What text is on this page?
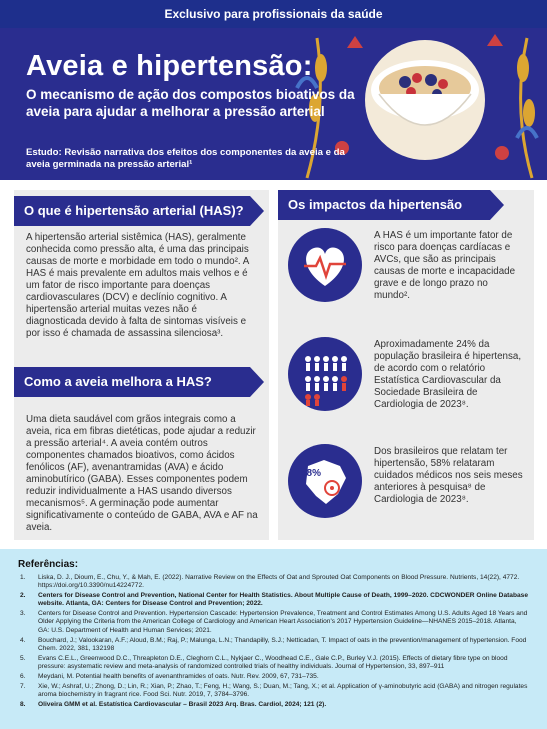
Exclusivo para profissionais da saúde
Aveia e hipertensão:
O mecanismo de ação dos compostos bioativos da aveia para ajudar a melhorar a pressão arterial
Estudo: Revisão narrativa dos efeitos dos componentes da aveia e da aveia germinada na pressão arterial¹
O que é hipertensão arterial (HAS)?
A hipertensão arterial sistêmica (HAS), geralmente conhecida como pressão alta, é uma das principais causas de morte e morbidade em todo o mundo². A HAS é mais prevalente em adultos mais velhos e é um fator de risco importante para doenças cardiovasculares (DCV) e declínio cognitivo. A hipertensão arterial muitas vezes não é diagnosticada devido à falta de sintomas visíveis e por isso é chamada de assassina silenciosa³.
Como a aveia melhora a HAS?
Uma dieta saudável com grãos integrais como a aveia, rica em fibras dietéticas, pode ajudar a reduzir a pressão arterial⁴. A aveia contém outros componentes chamados bioativos, como ácidos fenólicos (AF), avenantramidas (AVA) e ácido aminobutírico (GABA). Esses componentes podem reduzir individualmente a HAS usando diversos mecanismos⁵. A germinação pode aumentar significativamente o conteúdo de GABA, AVA e AF na aveia.
Os impactos da hipertensão
A HAS é um importante fator de risco para doenças cardíacas e AVCs, que são as principais causas de morte e incapacidade grave e de longo prazo no mundo².
Aproximadamente 24% da população brasileira é hipertensa, de acordo com o relatório Estatística Cardiovascular da Sociedade Brasileira de Cardiologia de 2023⁸.
58%
Dos brasileiros que relatam ter hipertensão, 58% relataram cuidados médicos nos seis meses anteriores à pesquisa⁸ de Cardiologia de 2023⁸.
Referências:
1. Liska, D. J., Dioum, E., Chu, Y., & Mah, E. (2022). Narrative Review on the Effects of Oat and Sprouted Oat Components on Blood Pressure. Nutrients, 14(22), 4772. https://doi.org/10.3390/nu14224772.
2. Centers for Disease Control and Prevention, National Center for Health Statistics. About Multiple Cause of Death, 1999–2020. CDCWONDER Online Database website. Atlanta, GA: Centers for Disease Control and Prevention; 2022.
3. Centers for Disease Control and Prevention. Hypertension Cascade: Hypertension Prevalence, Treatment and Control Estimates Among U.S. Adults Aged 18 Years and Older Applying the Criteria from the American College of Cardiology and American Heart Association's 2017 Hypertension Guideline—NHANES 2015–2018. Atlanta, GA: U.S. Department of Health and Human Services; 2021.
4. Bouchard, J.; Valookaran, A.F.; Aloud, B.M.; Raj, P.; Malunga, L.N.; Thandapilly, S.J.; Netticadan, T. Impact of oats in the prevention/management of hypertension. Food Chem. 2022, 381, 132198
5. Evans C.E.L., Greenwood D.C., Threapleton D.E., Cleghorn C.L., Nykjaer C., Woodhead C.E., Gale C.P., Burley V.J. (2015). Effects of dietary fibre type on blood pressure: asystematic review and meta-analysis of randomized controlled trials of healthy individuals. Journal of Hypertension, 33, 897–911
6. Meydani, M. Potential health benefits of avenanthramides of oats. Nutr. Rev. 2009, 67, 731–735.
7. Xie, W.; Ashraf, U.; Zhong, D.; Lin, R.; Xian, P.; Zhao, T.; Feng, H.; Wang, S.; Duan, M.; Tang, X.; et al. Application of γ-aminobutyric acid (GABA) and nitrogen regulates aroma biochemistry in fragrant rice. Food Sci. Nutr. 2019, 7, 3784–3796.
8. Oliveira GMM et al. Estatística Cardiovascular – Brasil 2023 Arq. Bras. Cardiol, 2024; 121 (2).
